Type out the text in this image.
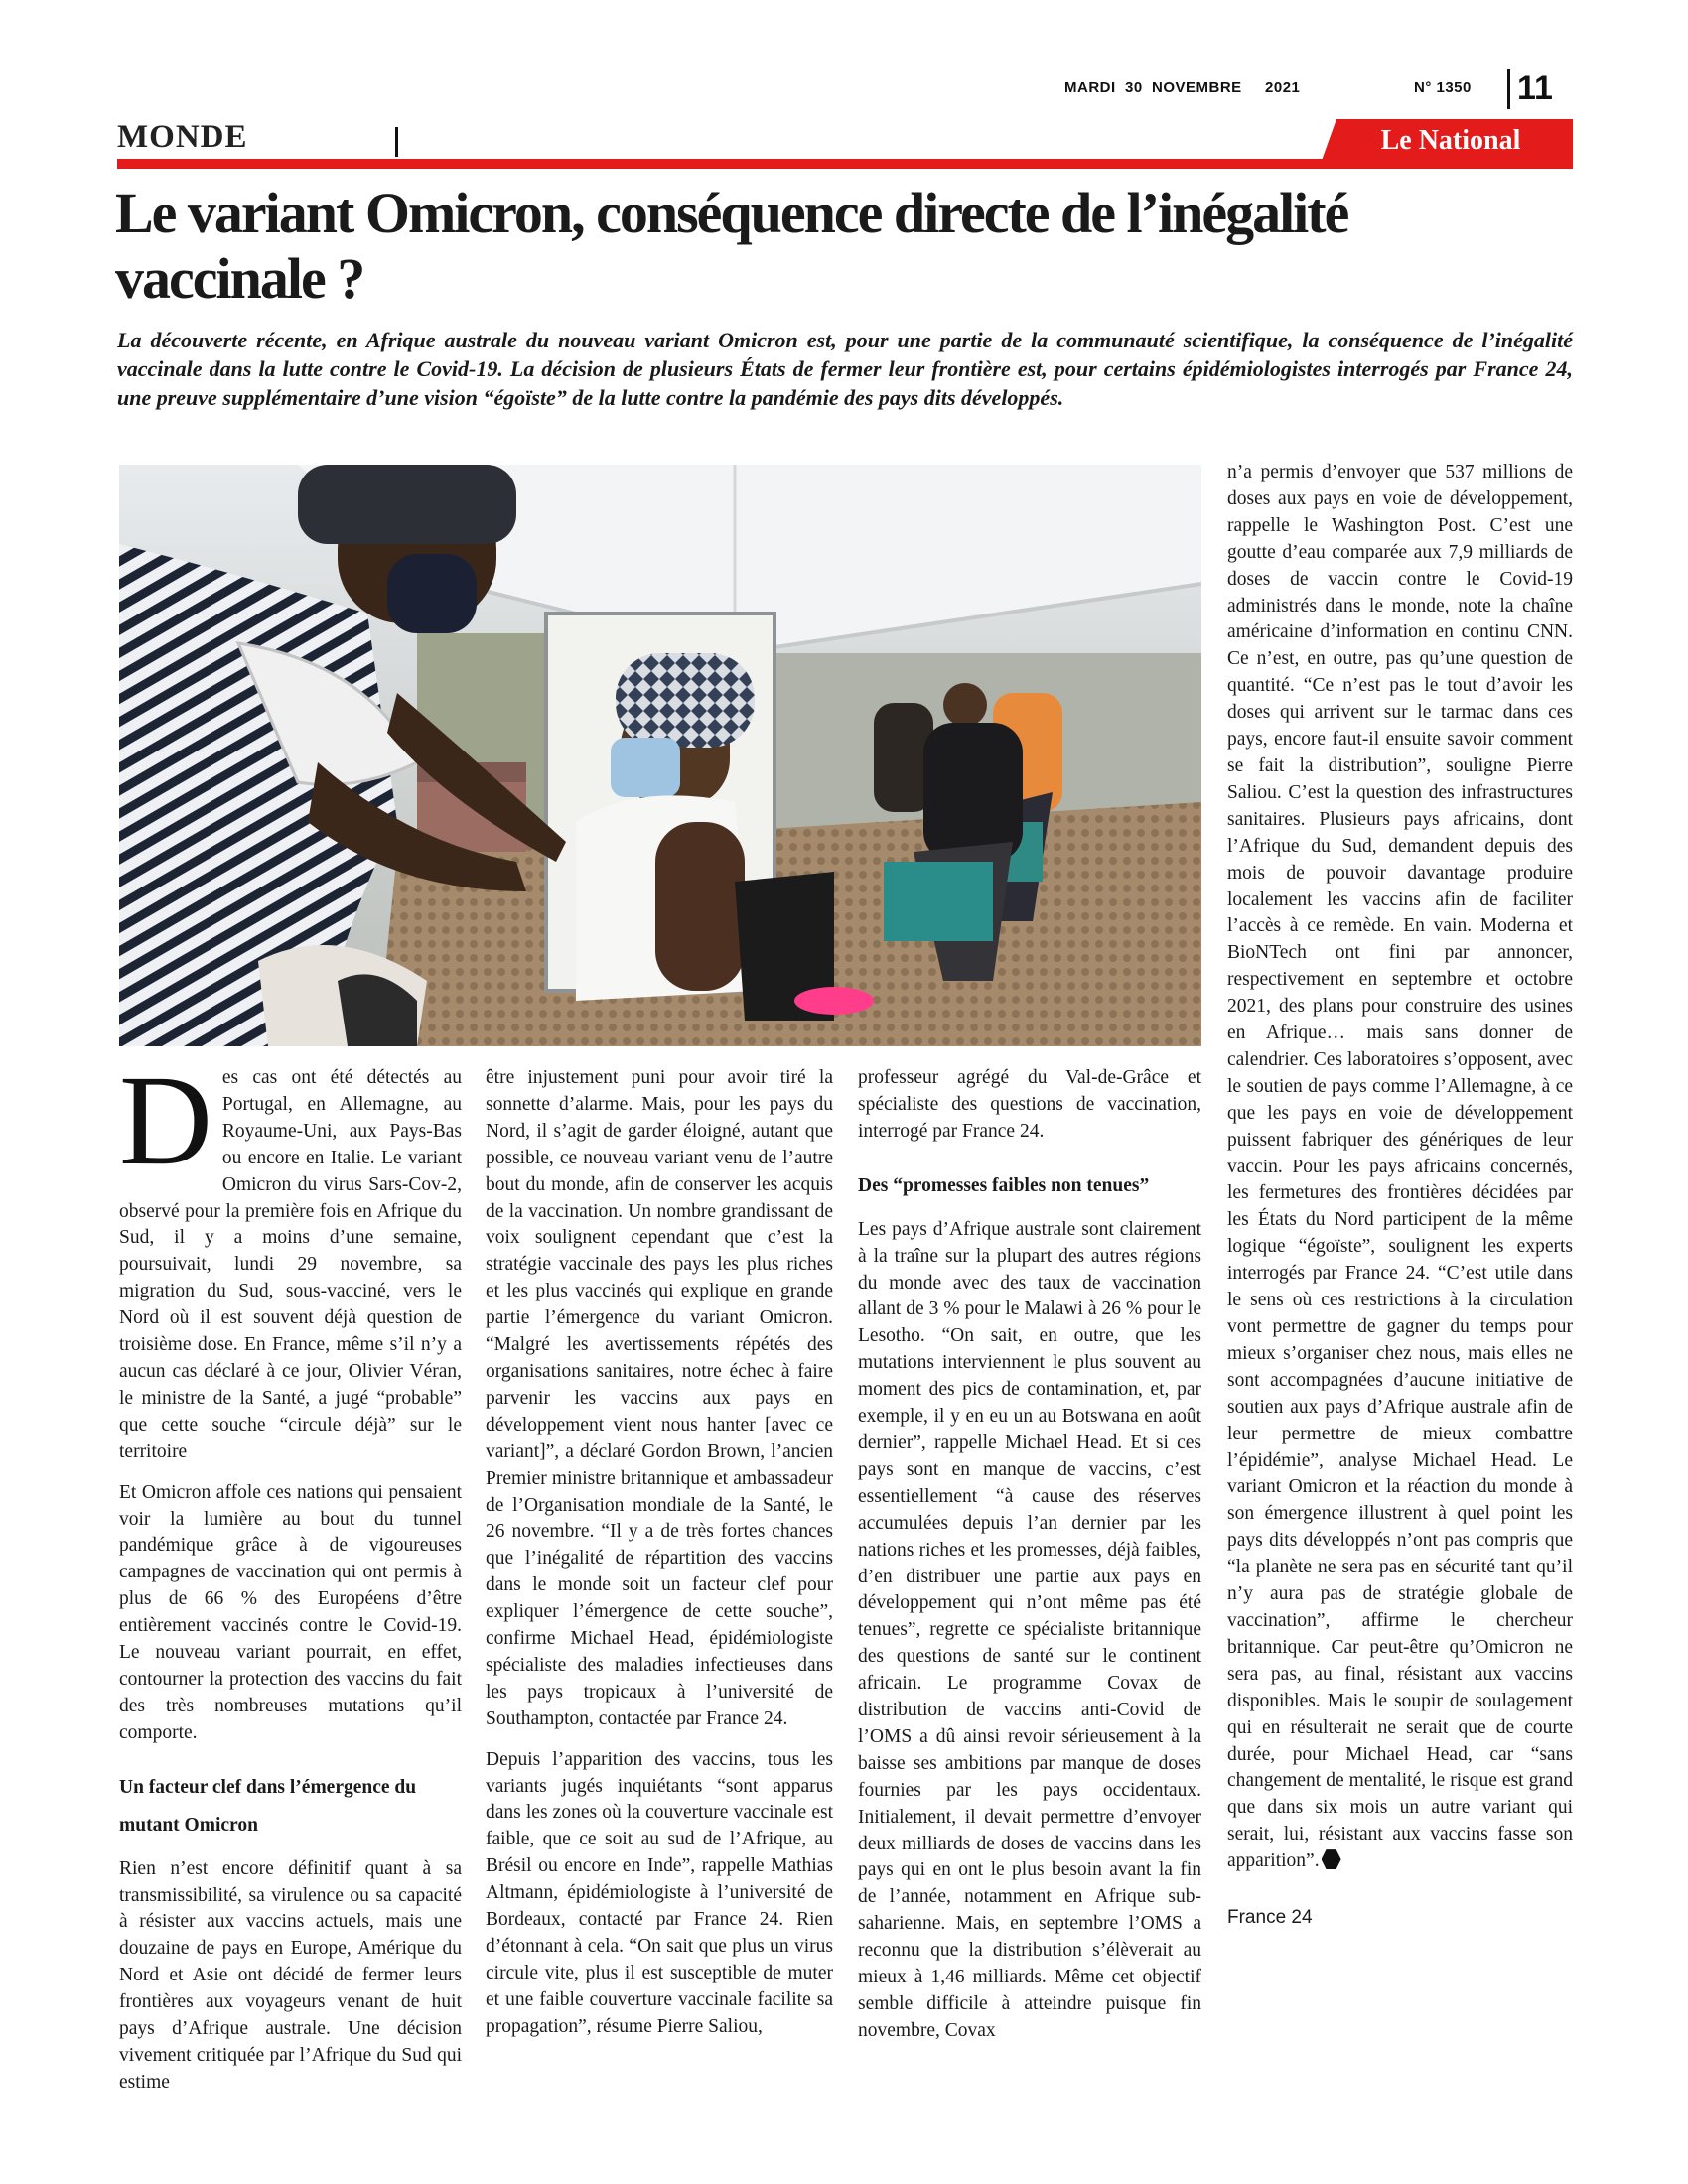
MARDI  30  NOVEMBRE     2021	N° 1350 11
MONDE	Le National
Le variant Omicron, conséquence directe de l’inégalité vaccinale ?

La découverte récente, en Afrique australe du nouveau variant Omicron est, pour une partie de la communauté scientifique, la conséquence de l’inégalité vaccinale dans la lutte contre le Covid-19. La décision de plusieurs États de fermer leur frontière est, pour certains épidémiologistes interrogés par France 24, une preuve supplémentaire d’une vision “égoïste” de la lutte contre la pandémie des pays dits développés.

Des cas ont été détectés au Portugal, en Allemagne, au Royaume-Uni, aux Pays-Bas ou encore en Italie. Le variant Omicron du virus Sars-Cov-2, observé pour la première fois en Afrique du Sud, il y a moins d’une semaine, poursuivait, lundi 29 novembre, sa migration du Sud, sous-vacciné, vers le Nord où il est souvent déjà question de troisième dose. En France, même s’il n’y a aucun cas déclaré à ce jour, Olivier Véran, le ministre de la Santé, a jugé “probable” que cette souche “circule déjà” sur le territoire

Et Omicron affole ces nations qui pensaient voir la lumière au bout du tunnel pandémique grâce à de vigoureuses campagnes de vaccination qui ont permis à plus de 66 % des Européens d’être entièrement vaccinés contre le Covid-19. Le nouveau variant pourrait, en effet, contourner la protection des vaccins du fait des très nombreuses mutations qu’il comporte.

Un facteur clef dans l’émergence du mutant Omicron

Rien n’est encore définitif quant à sa transmissibilité, sa virulence ou sa capacité à résister aux vaccins actuels, mais une douzaine de pays en Europe, Amérique du Nord et Asie ont décidé de fermer leurs frontières aux voyageurs venant de huit pays d’Afrique australe. Une décision vivement critiquée par l’Afrique du Sud qui estime

être injustement puni pour avoir tiré la sonnette d’alarme. Mais, pour les pays du Nord, il s’agit de garder éloigné, autant que possible, ce nouveau variant venu de l’autre bout du monde, afin de conserver les acquis de la vaccination. Un nombre grandissant de voix soulignent cependant que c’est la stratégie vaccinale des pays les plus riches et les plus vaccinés qui explique en grande partie l’émergence du variant Omicron. “Malgré les avertissements répétés des organisations sanitaires, notre échec à faire parvenir les vaccins aux pays en développement vient nous hanter [avec ce variant]”, a déclaré Gordon Brown, l’ancien Premier ministre britannique et ambassadeur de l’Organisation mondiale de la Santé, le 26 novembre. “Il y a de très fortes chances que l’inégalité de répartition des vaccins dans le monde soit un facteur clef pour expliquer l’émergence de cette souche”, confirme Michael Head, épidémiologiste spécialiste des maladies infectieuses dans les pays tropicaux à l’université de Southampton, contactée par France 24.

Depuis l’apparition des vaccins, tous les variants jugés inquiétants “sont apparus dans les zones où la couverture vaccinale est faible, que ce soit au sud de l’Afrique, au Brésil ou encore en Inde”, rappelle Mathias Altmann, épidémiologiste à l’université de Bordeaux, contacté par France 24. Rien d’étonnant à cela. “On sait que plus un virus circule vite, plus il est susceptible de muter et une faible couverture vaccinale facilite sa propagation”, résume Pierre Saliou,

professeur agrégé du Val-de-Grâce et spécialiste des questions de vaccination, interrogé par France 24.

Des “promesses faibles non tenues”

Les pays d’Afrique australe sont clairement à la traîne sur la plupart des autres régions du monde avec des taux de vaccination allant de 3 % pour le Malawi à 26 % pour le Lesotho. “On sait, en outre, que les mutations interviennent le plus souvent au moment des pics de contamination, et, par exemple, il y en eu un au Botswana en août dernier”, rappelle Michael Head. Et si ces pays sont en manque de vaccins, c’est essentiellement “à cause des réserves accumulées depuis l’an dernier par les nations riches et les promesses, déjà faibles, d’en distribuer une partie aux pays en développement qui n’ont même pas été tenues”, regrette ce spécialiste britannique des questions de santé sur le continent africain. Le programme Covax de distribution de vaccins anti-Covid de l’OMS a dû ainsi revoir sérieusement à la baisse ses ambitions par manque de doses fournies par les pays occidentaux. Initialement, il devait permettre d’envoyer deux milliards de doses de vaccins dans les pays qui en ont le plus besoin avant la fin de l’année, notamment en Afrique sub-saharienne. Mais, en septembre l’OMS a reconnu que la distribution s’élèverait au mieux à 1,46 milliards. Même cet objectif semble difficile à atteindre puisque fin novembre, Covax

n’a permis d’envoyer que 537 millions de doses aux pays en voie de développement, rappelle le Washington Post. C’est une goutte d’eau comparée aux 7,9 milliards de doses de vaccin contre le Covid-19 administrés dans le monde, note la chaîne américaine d’information en continu CNN. Ce n’est, en outre, pas qu’une question de quantité. “Ce n’est pas le tout d’avoir les doses qui arrivent sur le tarmac dans ces pays, encore faut-il ensuite savoir comment se fait la distribution”, souligne Pierre Saliou. C’est la question des infrastructures sanitaires. Plusieurs pays africains, dont l’Afrique du Sud, demandent depuis des mois de pouvoir davantage produire localement les vaccins afin de faciliter l’accès à ce remède. En vain. Moderna et BioNTech ont fini par annoncer, respectivement en septembre et octobre 2021, des plans pour construire des usines en Afrique… mais sans donner de calendrier. Ces laboratoires s’opposent, avec le soutien de pays comme l’Allemagne, à ce que les pays en voie de développement puissent fabriquer des génériques de leur vaccin. Pour les pays africains concernés, les fermetures des frontières décidées par les États du Nord participent de la même logique “égoïste”, soulignent les experts interrogés par France 24. “C’est utile dans le sens où ces restrictions à la circulation vont permettre de gagner du temps pour mieux s’organiser chez nous, mais elles ne sont accompagnées d’aucune initiative de soutien aux pays d’Afrique australe afin de leur permettre de mieux combattre l’épidémie”, analyse Michael Head. Le variant Omicron et la réaction du monde à son émergence illustrent à quel point les pays dits développés n’ont pas compris que “la planète ne sera pas en sécurité tant qu’il n’y aura pas de stratégie globale de vaccination”, affirme le chercheur britannique. Car peut-être qu’Omicron ne sera pas, au final, résistant aux vaccins disponibles. Mais le soupir de soulagement qui en résulterait ne serait que de courte durée, pour Michael Head, car “sans changement de mentalité, le risque est grand que dans six mois un autre variant qui serait, lui, résistant aux vaccins fasse son apparition”.

France 24
